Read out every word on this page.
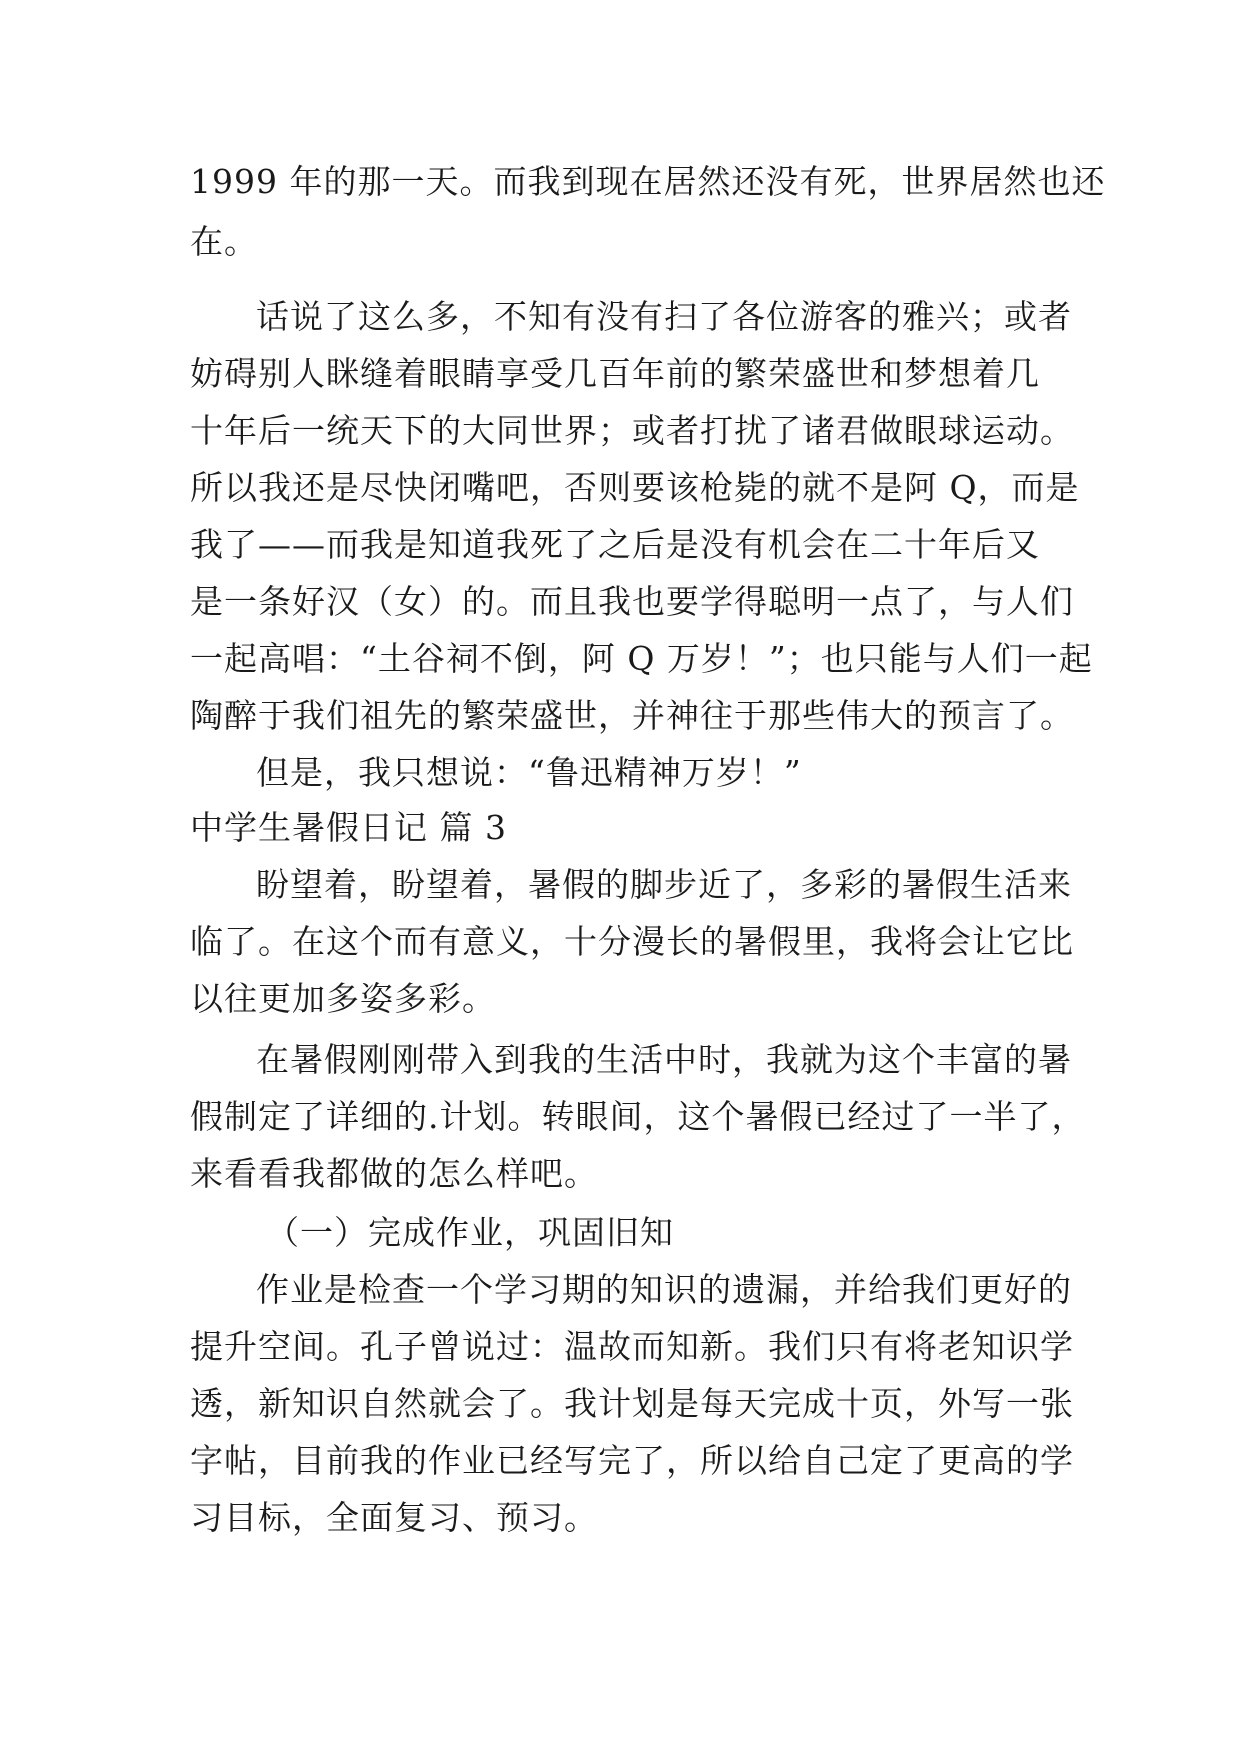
1999 年的那一天。而我到现在居然还没有死，世界居然也还
在。
话说了这么多，不知有没有扫了各位游客的雅兴；或者
妨碍别人眯缝着眼睛享受几百年前的繁荣盛世和梦想着几
十年后一统天下的大同世界；或者打扰了诸君做眼球运动。
所以我还是尽快闭嘴吧，否则要该枪毙的就不是阿 Q，而是
我了——而我是知道我死了之后是没有机会在二十年后又
是一条好汉（女）的。而且我也要学得聪明一点了，与人们
一起高唱：“土谷祠不倒，阿 Q 万岁！”；也只能与人们一起
陶醉于我们祖先的繁荣盛世，并神往于那些伟大的预言了。
但是，我只想说：“鲁迅精神万岁！”
中学生暑假日记 篇 3
盼望着，盼望着，暑假的脚步近了，多彩的暑假生活来
临了。在这个而有意义，十分漫长的暑假里，我将会让它比
以往更加多姿多彩。
在暑假刚刚带入到我的生活中时，我就为这个丰富的暑
假制定了详细的.计划。转眼间，这个暑假已经过了一半了，
来看看我都做的怎么样吧。
（一）完成作业，巩固旧知
作业是检查一个学习期的知识的遗漏，并给我们更好的
提升空间。孔子曾说过：温故而知新。我们只有将老知识学
透，新知识自然就会了。我计划是每天完成十页，外写一张
字帖，目前我的作业已经写完了，所以给自己定了更高的学
习目标，全面复习、预习。
